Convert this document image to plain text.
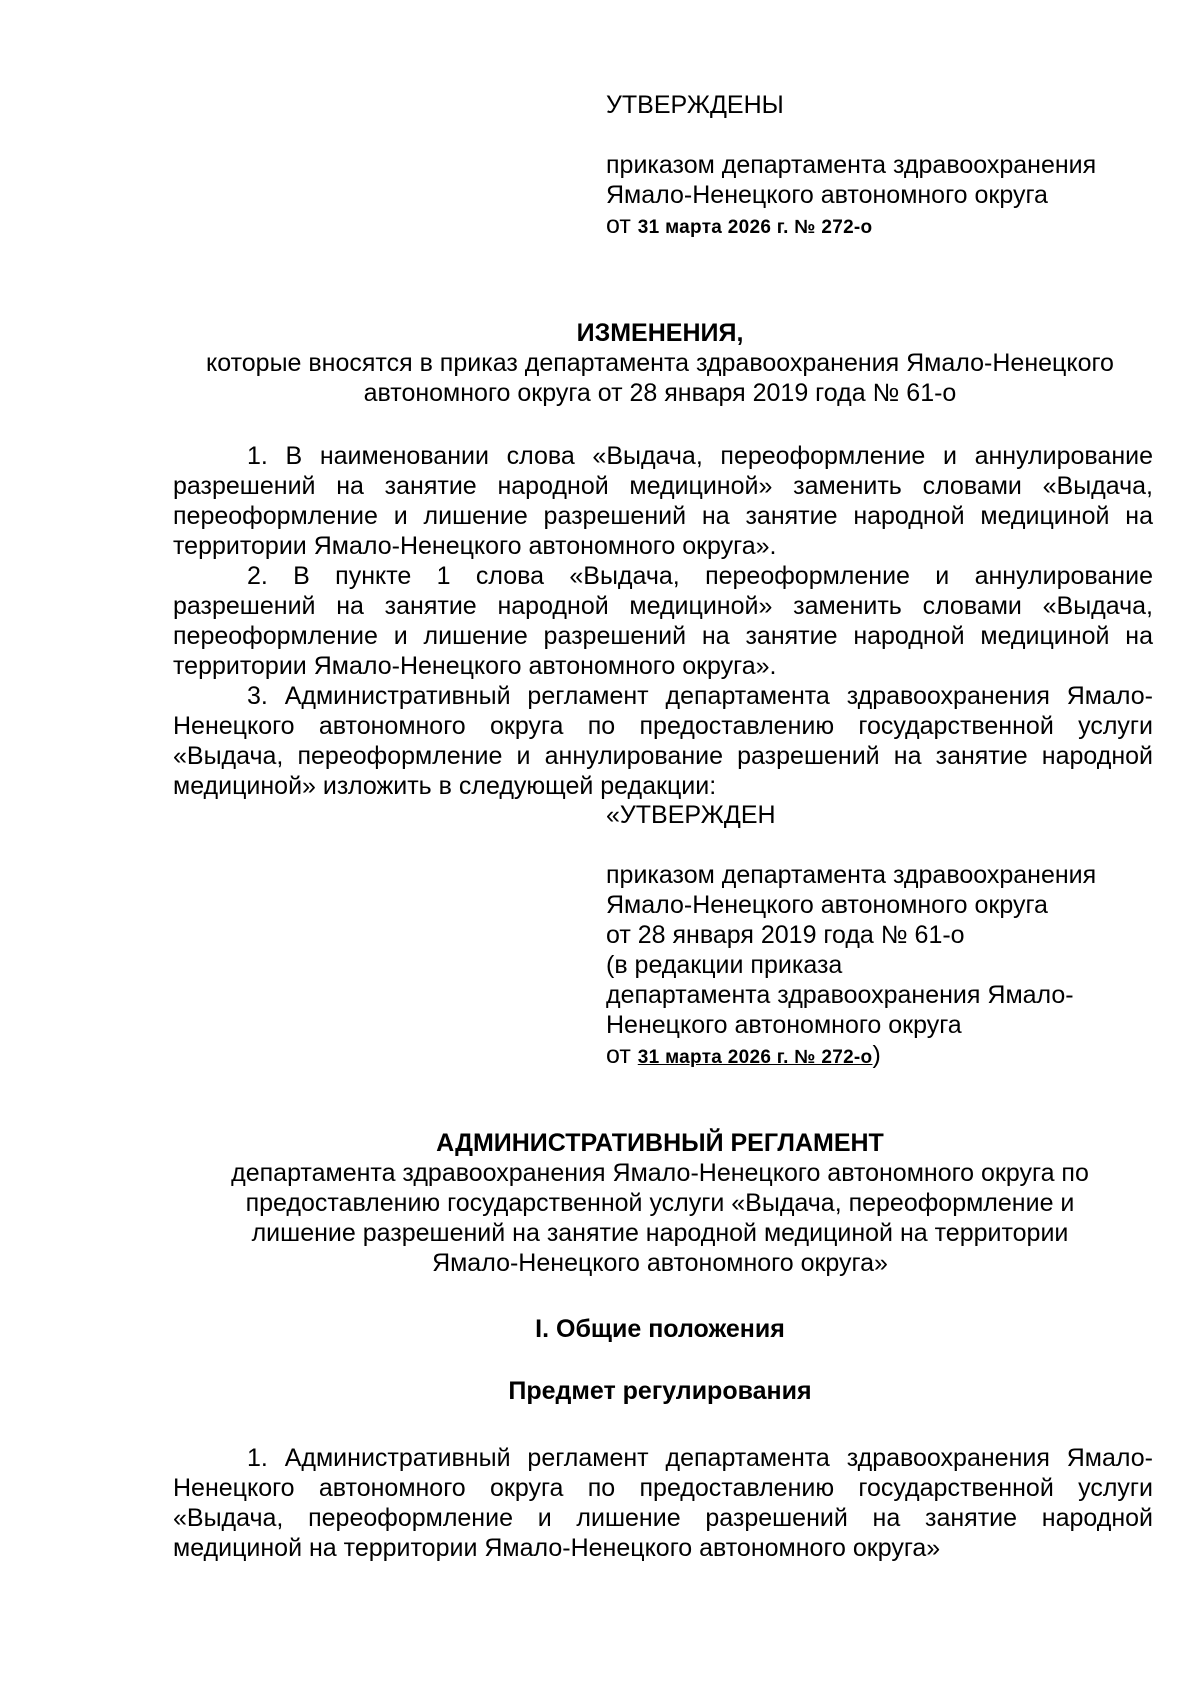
УТВЕРЖДЕНЫ

приказом департамента здравоохранения

Ямало-Ненецкого автономного округа

от 31 марта 2026 г. № 272-о

ИЗМЕНЕНИЯ,

которые вносятся в приказ департамента здравоохранения Ямало-Ненецкого

автономного округа от 28 января 2019 года № 61-о

1. В наименовании слова «Выдача, переоформление и аннулирование разрешений на занятие народной медициной» заменить словами «Выдача, переоформление и лишение разрешений на занятие народной медициной на территории Ямало-Ненецкого автономного округа».

2. В пункте 1 слова «Выдача, переоформление и аннулирование разрешений на занятие народной медициной» заменить словами «Выдача, переоформление и лишение разрешений на занятие народной медициной на территории Ямало-Ненецкого автономного округа».

3. Административный регламент департамента здравоохранения Ямало-Ненецкого автономного округа по предоставлению государственной услуги «Выдача, переоформление и аннулирование разрешений на занятие народной медициной» изложить в следующей редакции:

«УТВЕРЖДЕН

приказом департамента здравоохранения

Ямало-Ненецкого автономного округа

от 28 января 2019 года № 61-о

(в редакции приказа

департамента здравоохранения Ямало-

Ненецкого автономного округа

от 31 марта 2026 г. № 272-о)

АДМИНИСТРАТИВНЫЙ РЕГЛАМЕНТ

департамента здравоохранения Ямало-Ненецкого автономного округа по

предоставлению государственной услуги «Выдача, переоформление и

лишение разрешений на занятие народной медициной на территории

Ямало-Ненецкого автономного округа»

I. Общие положения

Предмет регулирования

1. Административный регламент департамента здравоохранения Ямало-Ненецкого автономного округа по предоставлению государственной услуги «Выдача, переоформление и лишение разрешений на занятие народной медициной на территории Ямало-Ненецкого автономного округа»
